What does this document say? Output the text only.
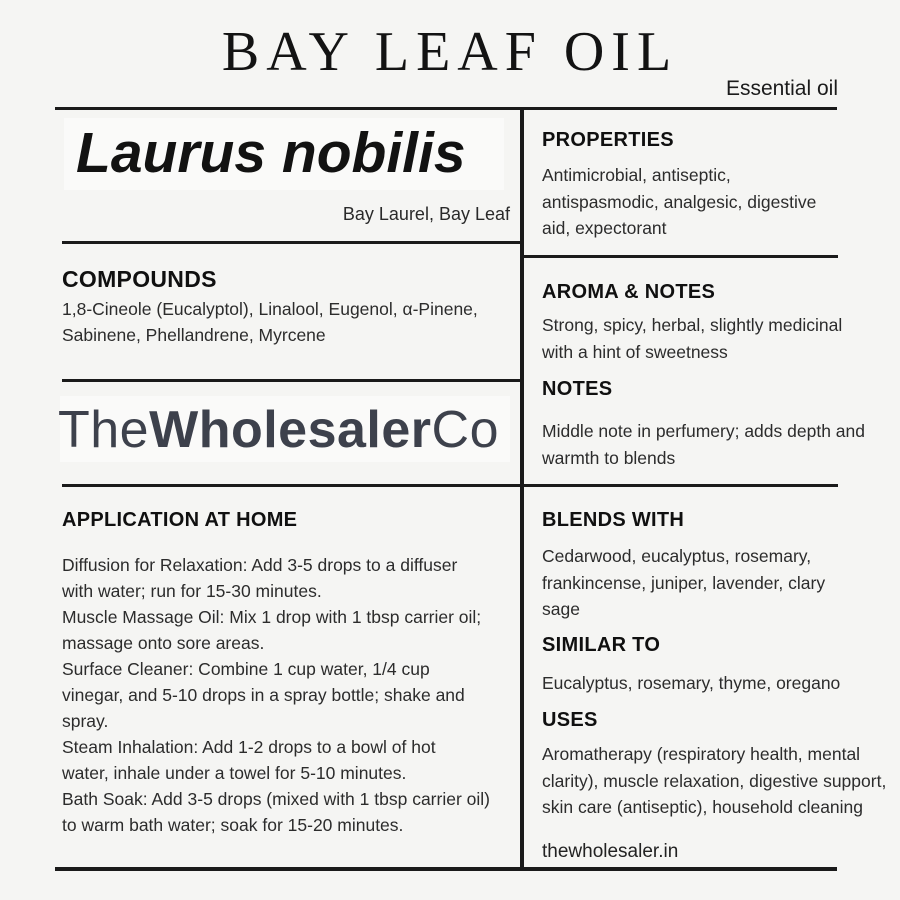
BAY LEAF OIL
Essential oil
Laurus nobilis
Bay Laurel, Bay Leaf
COMPOUNDS
1,8-Cineole (Eucalyptol), Linalool, Eugenol, α-Pinene,
Sabinene, Phellandrene, Myrcene
TheWholesalerCo
APPLICATION AT HOME
Diffusion for Relaxation: Add 3-5 drops to a diffuser
with water; run for 15-30 minutes.
Muscle Massage Oil: Mix 1 drop with 1 tbsp carrier oil;
massage onto sore areas.
Surface Cleaner: Combine 1 cup water, 1/4 cup
vinegar, and 5-10 drops in a spray bottle; shake and
spray.
Steam Inhalation: Add 1-2 drops to a bowl of hot
water, inhale under a towel for 5-10 minutes.
Bath Soak: Add 3-5 drops (mixed with 1 tbsp carrier oil)
to warm bath water; soak for 15-20 minutes.
PROPERTIES
Antimicrobial, antiseptic,
antispasmodic, analgesic, digestive
aid, expectorant
AROMA & NOTES
Strong, spicy, herbal, slightly medicinal
with a hint of sweetness
NOTES
Middle note in perfumery; adds depth and
warmth to blends
BLENDS WITH
Cedarwood, eucalyptus, rosemary,
frankincense, juniper, lavender, clary
sage
SIMILAR TO
Eucalyptus, rosemary, thyme, oregano
USES
Aromatherapy (respiratory health, mental
clarity), muscle relaxation, digestive support,
skin care (antiseptic), household cleaning
thewholesaler.in
